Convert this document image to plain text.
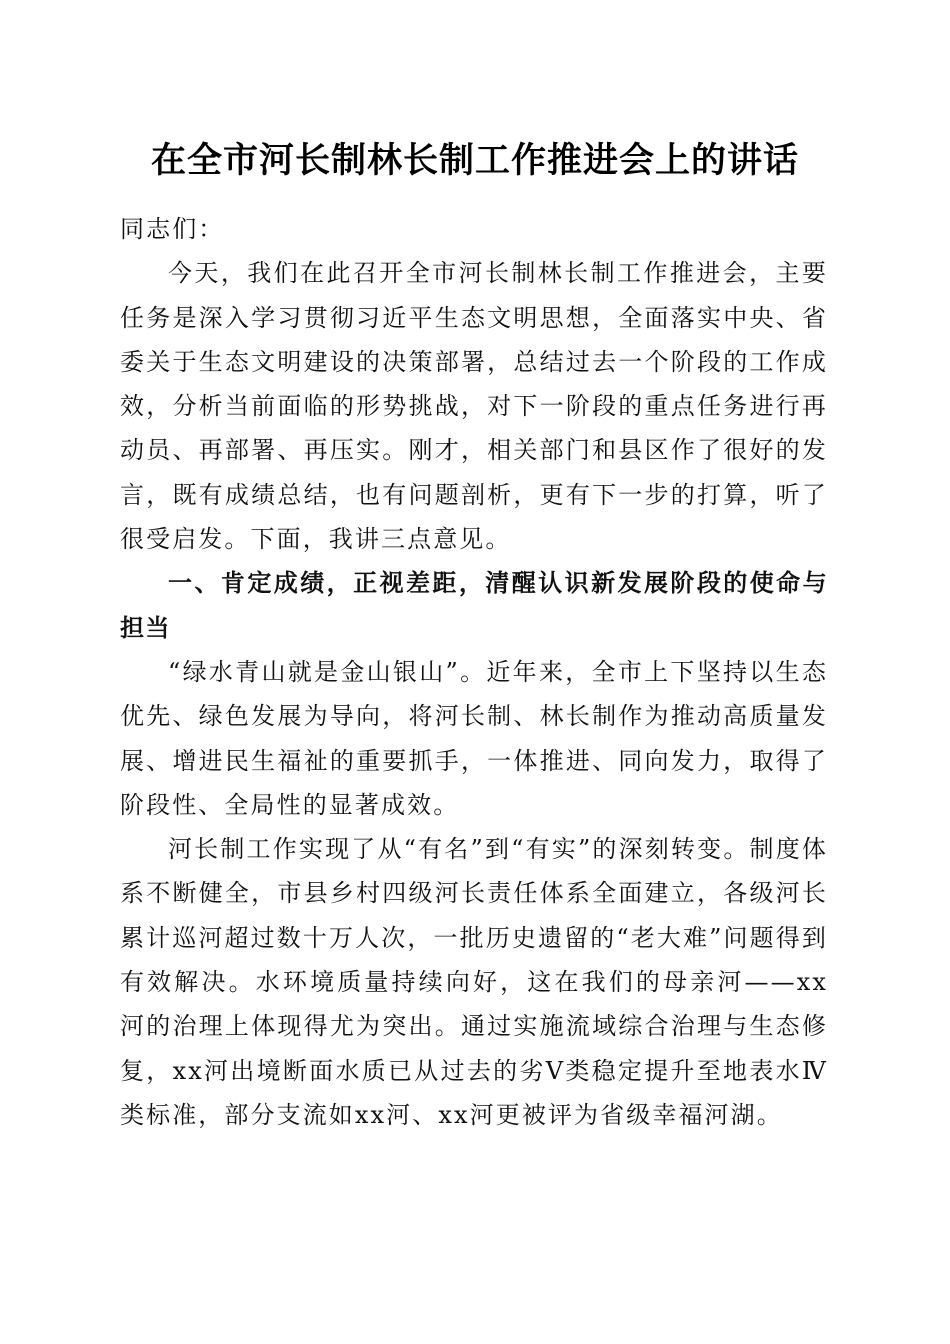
在全市河长制林长制工作推进会上的讲话

同志们：

今天，我们在此召开全市河长制林长制工作推进会，主要任务是深入学习贯彻习近平生态文明思想，全面落实中央、省委关于生态文明建设的决策部署，总结过去一个阶段的工作成效，分析当前面临的形势挑战，对下一阶段的重点任务进行再动员、再部署、再压实。刚才，相关部门和县区作了很好的发言，既有成绩总结，也有问题剖析，更有下一步的打算，听了很受启发。下面，我讲三点意见。

一、肯定成绩，正视差距，清醒认识新发展阶段的使命与担当

“绿水青山就是金山银山”。近年来，全市上下坚持以生态优先、绿色发展为导向，将河长制、林长制作为推动高质量发展、增进民生福祉的重要抓手，一体推进、同向发力，取得了阶段性、全局性的显著成效。

河长制工作实现了从“有名”到“有实”的深刻转变。制度体系不断健全，市县乡村四级河长责任体系全面建立，各级河长累计巡河超过数十万人次，一批历史遗留的“老大难”问题得到有效解决。水环境质量持续向好，这在我们的母亲河——xx河的治理上体现得尤为突出。通过实施流域综合治理与生态修复，xx河出境断面水质已从过去的劣Ⅴ类稳定提升至地表水Ⅳ类标准，部分支流如xx河、xx河更被评为省级幸福河湖。
